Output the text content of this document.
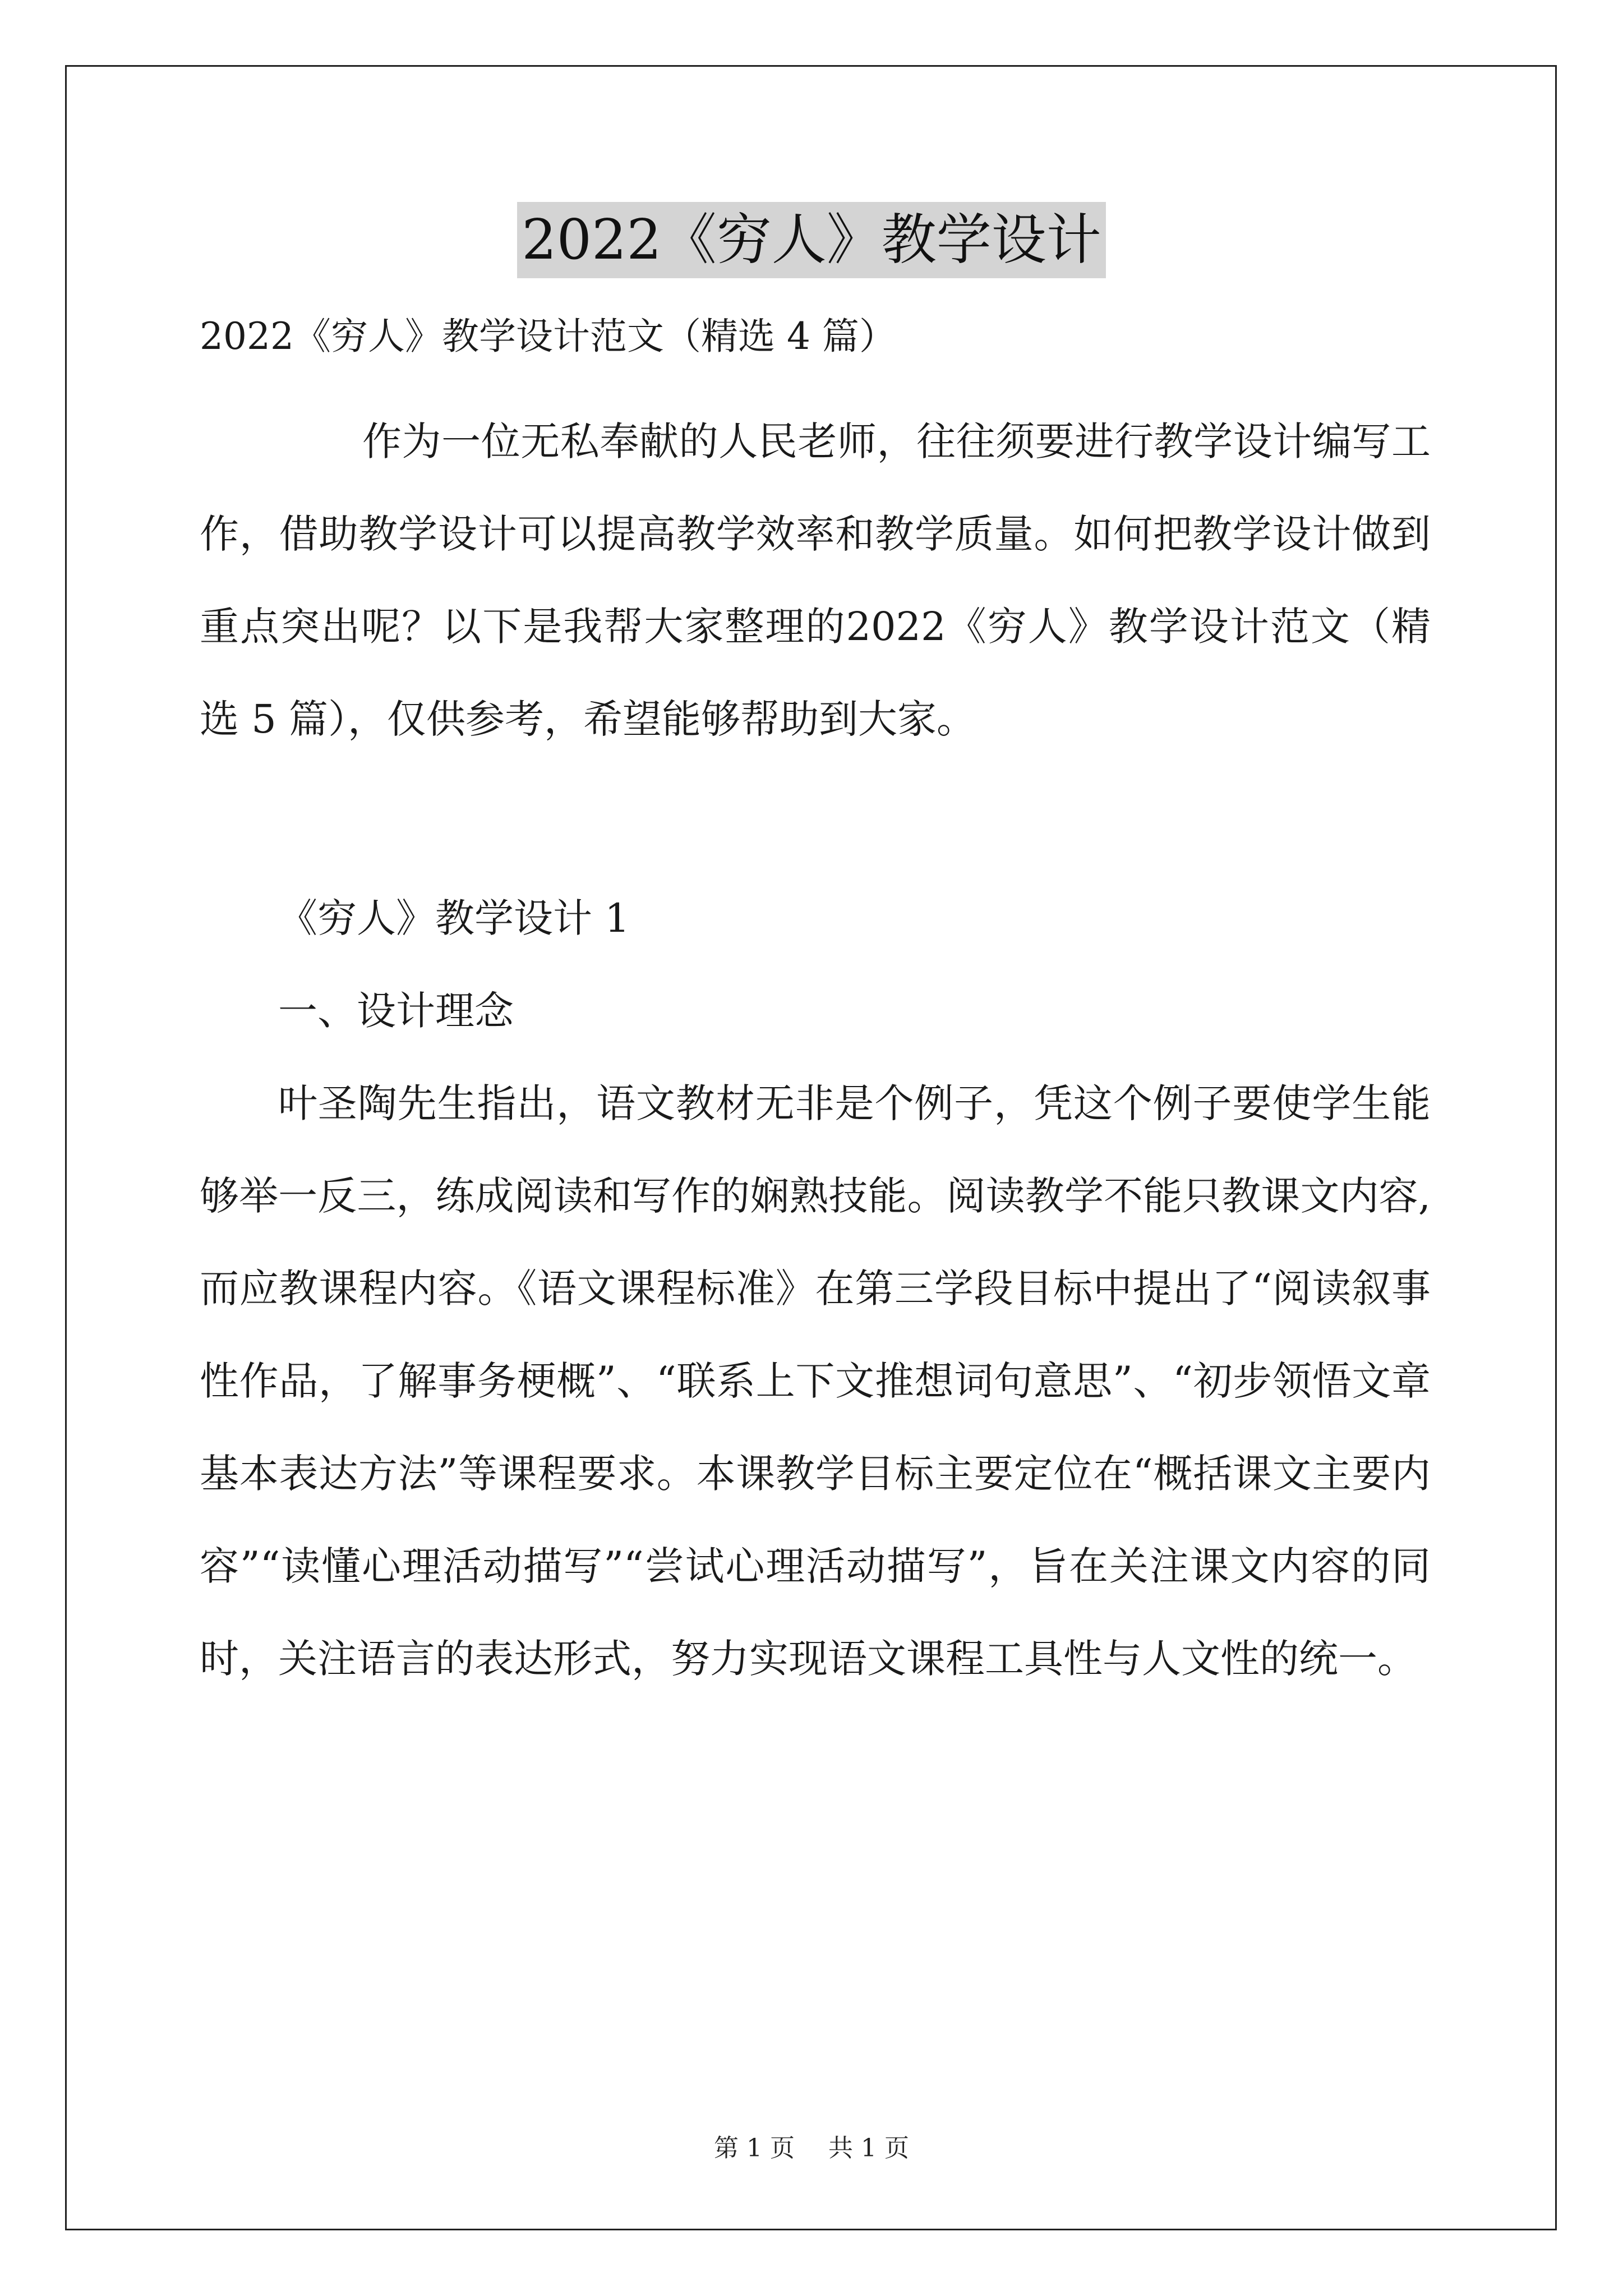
2022《穷人》教学设计

2022《穷人》教学设计范文（精选 4 篇）

作为一位无私奉献的人民老师，往往须要进行教学设计编写工作，借助教学设计可以提高教学效率和教学质量。如何把教学设计做到重点突出呢？以下是我帮大家整理的2022《穷人》教学设计范文（精选 5 篇），仅供参考，希望能够帮助到大家。

《穷人》教学设计 1

一、设计理念

叶圣陶先生指出，语文教材无非是个例子，凭这个例子要使学生能够举一反三，练成阅读和写作的娴熟技能。阅读教学不能只教课文内容,而应教课程内容。《语文课程标准》在第三学段目标中提出了“阅读叙事性作品，了解事务梗概”、“联系上下文推想词句意思”、“初步领悟文章基本表达方法”等课程要求。本课教学目标主要定位在“概括课文主要内容”“读懂心理活动描写”“尝试心理活动描写”，旨在关注课文内容的同时，关注语言的表达形式，努力实现语文课程工具性与人文性的统一。

第 1 页 共 1 页
